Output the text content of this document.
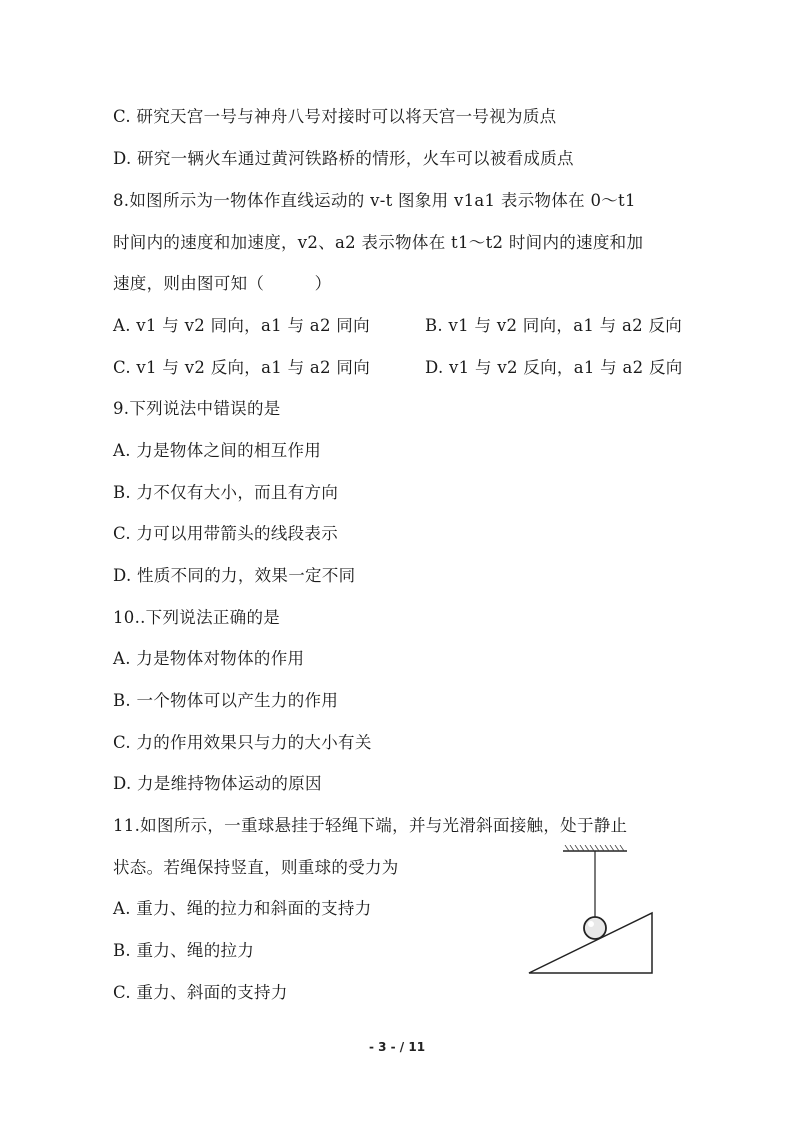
C. 研究天宫一号与神舟八号对接时可以将天宫一号视为质点
D. 研究一辆火车通过黄河铁路桥的情形，火车可以被看成质点
8.如图所示为一物体作直线运动的 v-t 图象用 v1a1 表示物体在 0～t1
时间内的速度和加速度，v2、a2 表示物体在 t1～t2 时间内的速度和加
速度，则由图可知（　　　）
A. v1 与 v2 同向，a1 与 a2 同向	B. v1 与 v2 同向，a1 与 a2 反向
C. v1 与 v2 反向，a1 与 a2 同向	D. v1 与 v2 反向，a1 与 a2 反向
9.下列说法中错误的是
A. 力是物体之间的相互作用
B. 力不仅有大小，而且有方向
C. 力可以用带箭头的线段表示
D. 性质不同的力，效果一定不同
10..下列说法正确的是
A. 力是物体对物体的作用
B. 一个物体可以产生力的作用
C. 力的作用效果只与力的大小有关
D. 力是维持物体运动的原因
11.如图所示，一重球悬挂于轻绳下端，并与光滑斜面接触，处于静止
状态。若绳保持竖直，则重球的受力为
A. 重力、绳的拉力和斜面的支持力
B. 重力、绳的拉力
C. 重力、斜面的支持力
- 3 - / 11
